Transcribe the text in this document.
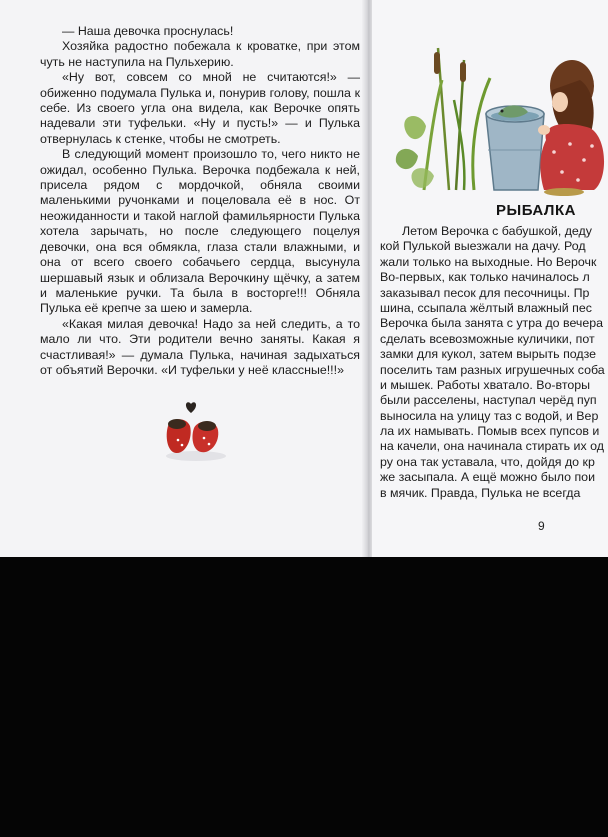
— Наша девочка проснулась!

Хозяйка радостно побежала к кроватке, при этом чуть не наступила на Пульхерию.

«Ну вот, совсем со мной не считаются!» — обиженно подумала Пулька и, понурив голову, пошла к себе. Из своего угла она видела, как Верочке опять надевали эти туфельки. «Ну и пусть!» — и Пулька отвернулась к стенке, чтобы не смотреть.

В следующий момент произошло то, чего никто не ожидал, особенно Пулька. Верочка подбежала к ней, присела рядом с мордочкой, обняла своими маленькими ручонками и поцеловала её в нос. От неожиданности и такой наглой фамильярности Пулька хотела зарычать, но после следующего поцелуя девочки, она вся обмякла, глаза стали влажными, и она от всего своего собачьего сердца, высунула шершавый язык и облизала Верочкину щёчку, а затем и маленькие ручки. Та была в восторге!!! Обняла Пулька её крепче за шею и замерла.

«Какая милая девочка! Надо за ней следить, а то мало ли что. Эти родители вечно заняты. Какая я счастливая!» — думала Пулька, начиная задыхаться от объятий Верочки. «И туфельки у неё классные!!!»

РЫБАЛКА
Летом Верочка с бабушкой, деду
кой Пулькой выезжали на дачу. Род
жали только на выходные. Но Верочк
Во-первых, как только начиналось л
заказывал песок для песочницы. Пр
шина, ссыпала жёлтый влажный пес
Верочка была занята с утра до вечера
сделать всевозможные куличики, пот
замки для кукол, затем вырыть подзе
поселить там разных игрушечных соба
и мышек. Работы хватало. Во-вторы
были расселены, наступал черёд пуп
выносила на улицу таз с водой, и Вер
ла их намывать. Помыв всех пупсов и
на качели, она начинала стирать их од
ру она так уставала, что, дойдя до кр
же засыпала. А ещё можно было пои
в мячик. Правда, Пулька не всегда
9
